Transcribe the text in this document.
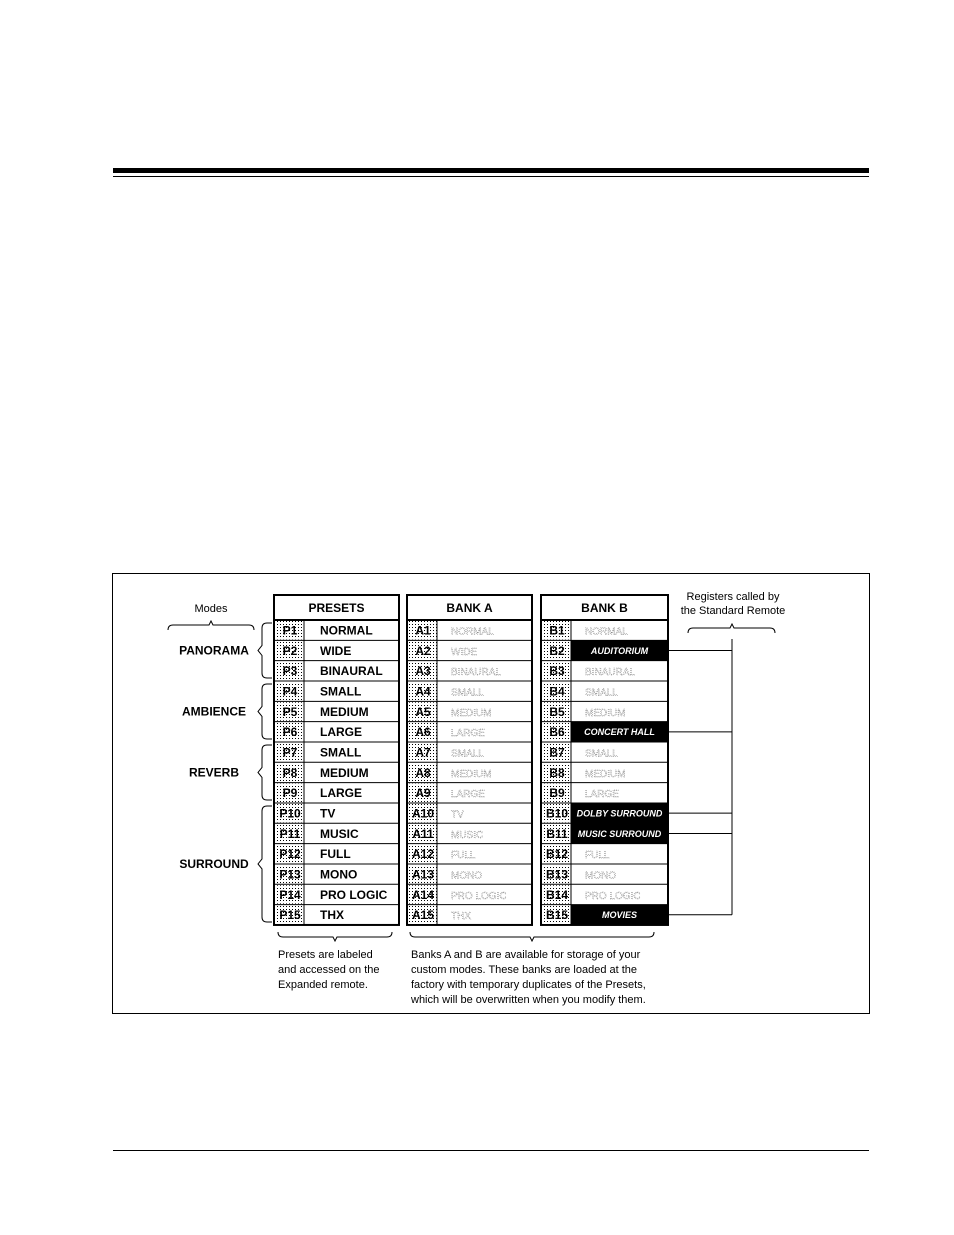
Modes
Registers called by
the Standard Remote
PRESETS
P1 NORMAL
P2 WIDE
P3 BINAURAL
P4 SMALL
P5 MEDIUM
P6 LARGE
P7 SMALL
P8 MEDIUM
P9 LARGE
P10 TV
P11 MUSIC
P12 FULL
P13 MONO
P14 PRO LOGIC
P15 THX
BANK A
A1 NORMAL
A2 WIDE
A3 BINAURAL
A4 SMALL
A5 MEDIUM
A6 LARGE
A7 SMALL
A8 MEDIUM
A9 LARGE
A10 TV
A11 MUSIC
A12 FULL
A13 MONO
A14 PRO LOGIC
A15 THX
BANK B
B1 NORMAL
B2	AUDITORIUM
B3 BINAURAL
B4 SMALL
B5 MEDIUM
B6 CONCERT HALL
B7 SMALL
B8 MEDIUM
B9 LARGE
B10 DOLBY SURROUND
B11 MUSIC SURROUND
B12 FULL
B13 MONO
B14 PRO LOGIC
B15	MOVIES
PANORAMA
AMBIENCE
REVERB
SURROUND
Presets are labeled
and accessed on the
Expanded remote.
Banks A and B are available for storage of your
custom modes. These banks are loaded at the
factory with temporary duplicates of the Presets,
which will be overwritten when you modify them.
